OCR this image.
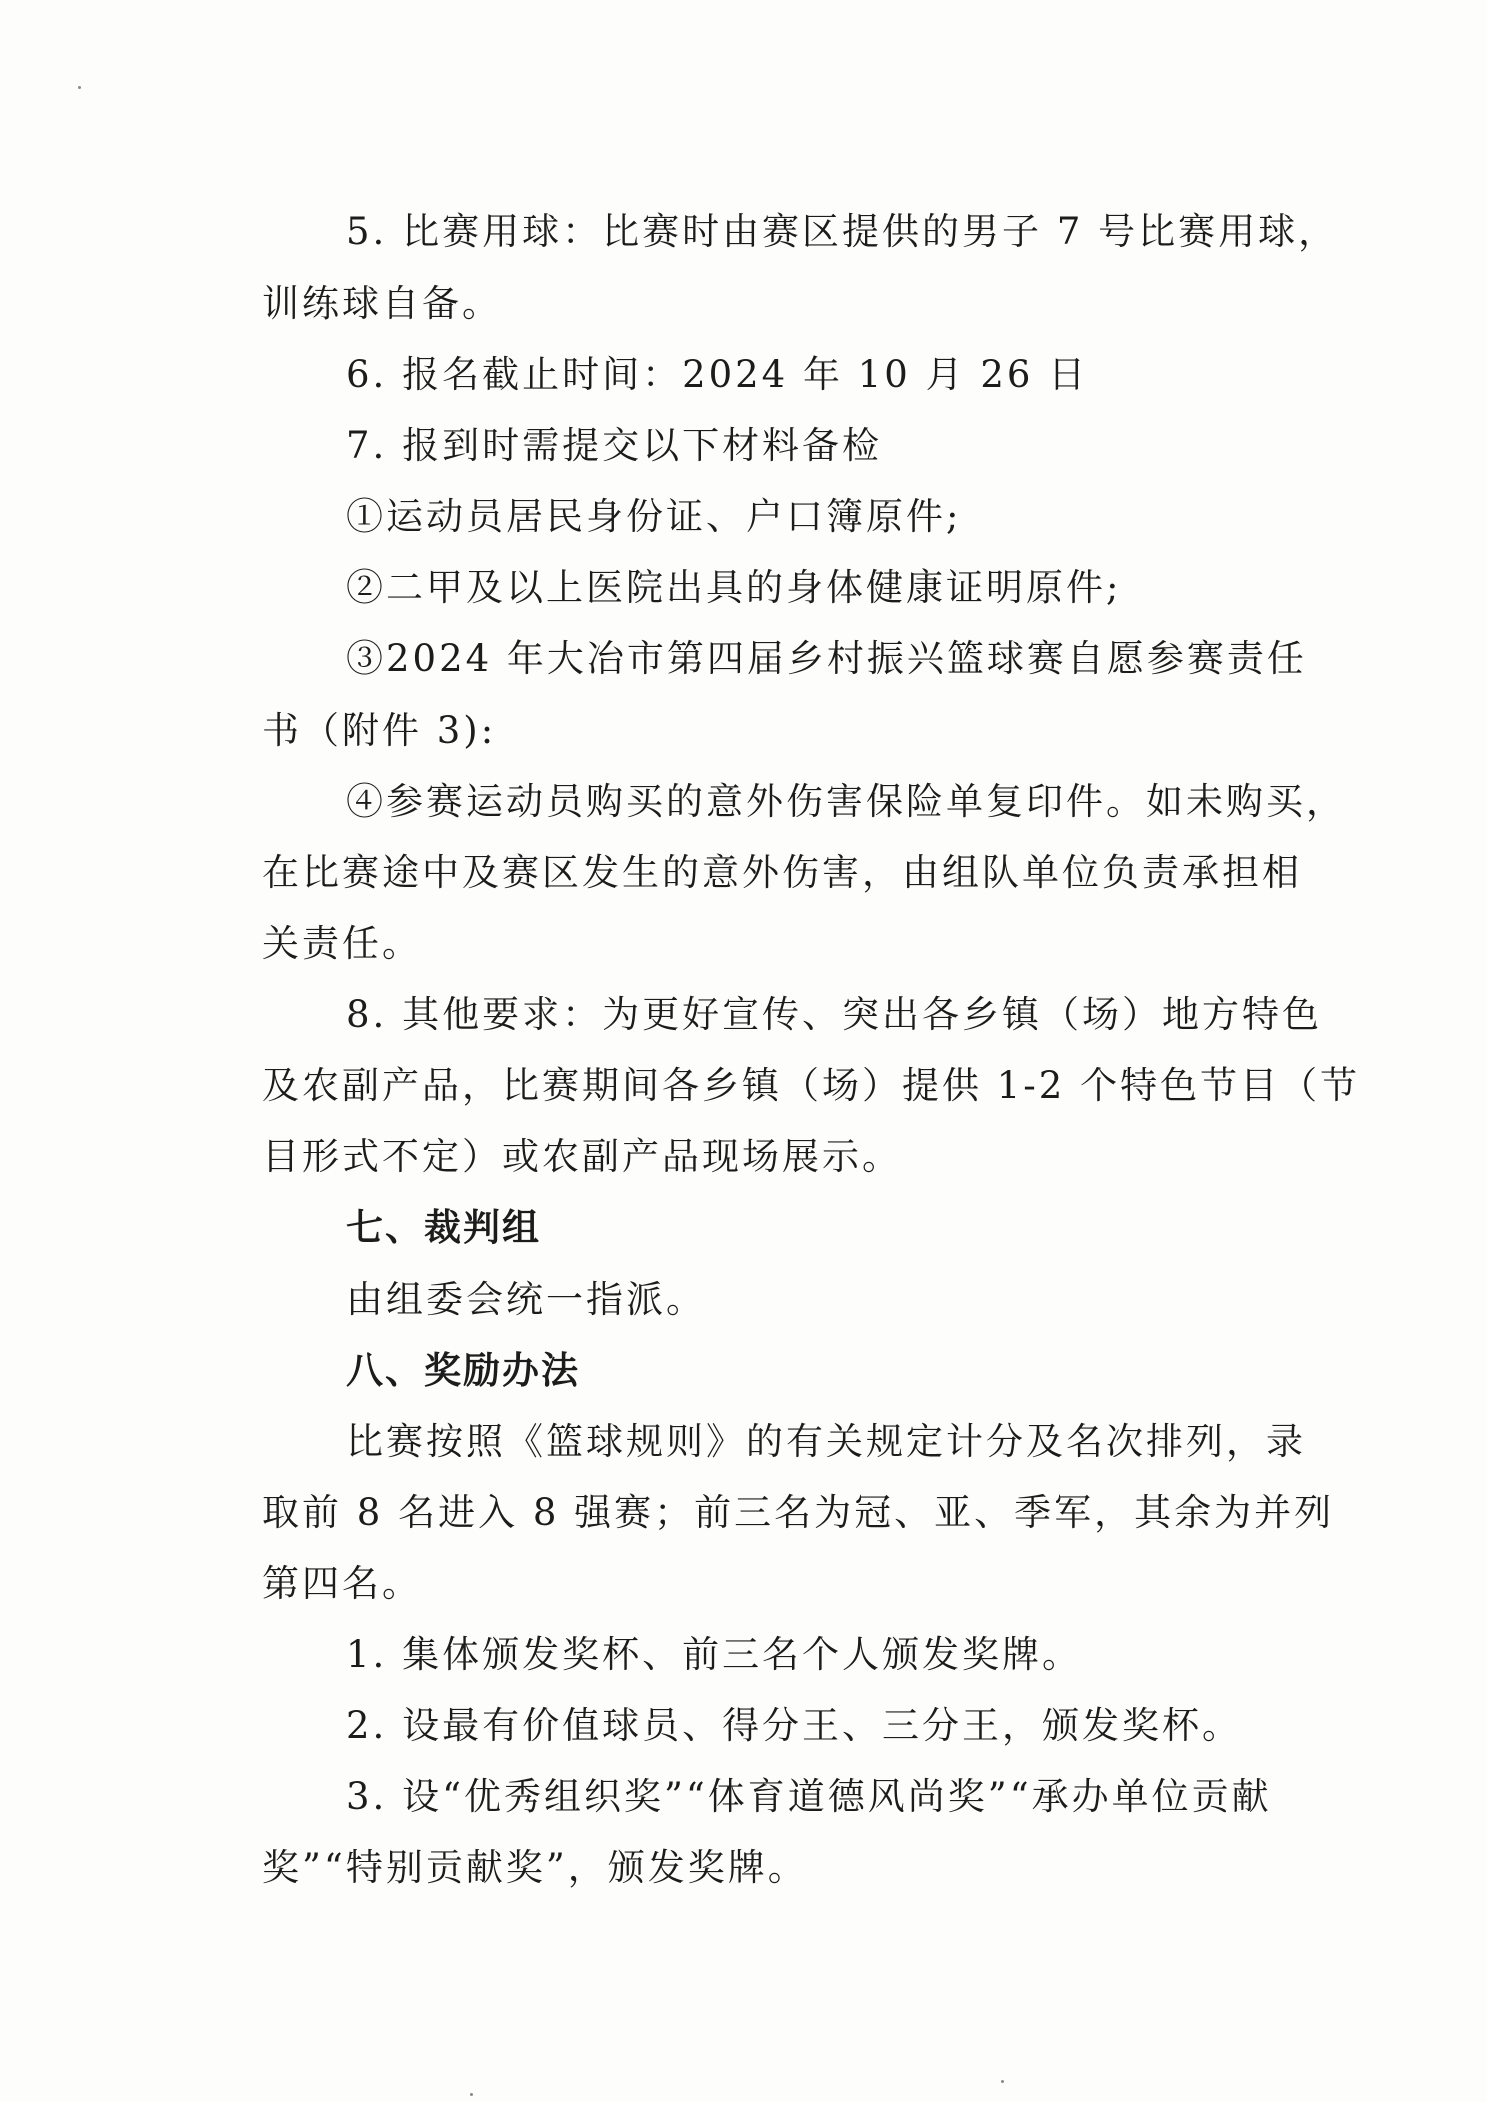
5. 比赛用球：比赛时由赛区提供的男子 7 号比赛用球，

训练球自备。

6. 报名截止时间：2024 年 10 月 26 日

7. 报到时需提交以下材料备检

①运动员居民身份证、户口簿原件;

②二甲及以上医院出具的身体健康证明原件;

③2024 年大冶市第四届乡村振兴篮球赛自愿参赛责任

书（附件 3):

④参赛运动员购买的意外伤害保险单复印件。如未购买，

在比赛途中及赛区发生的意外伤害，由组队单位负责承担相

关责任。

8. 其他要求：为更好宣传、突出各乡镇（场）地方特色

及农副产品，比赛期间各乡镇（场）提供 1-2 个特色节目（节

目形式不定）或农副产品现场展示。

七、裁判组

由组委会统一指派。

八、奖励办法

比赛按照《篮球规则》的有关规定计分及名次排列，录

取前 8 名进入 8 强赛；前三名为冠、亚、季军，其余为并列

第四名。

1. 集体颁发奖杯、前三名个人颁发奖牌。

2. 设最有价值球员、得分王、三分王，颁发奖杯。

3. 设“优秀组织奖”“体育道德风尚奖”“承办单位贡献

奖”“特别贡献奖”，颁发奖牌。
